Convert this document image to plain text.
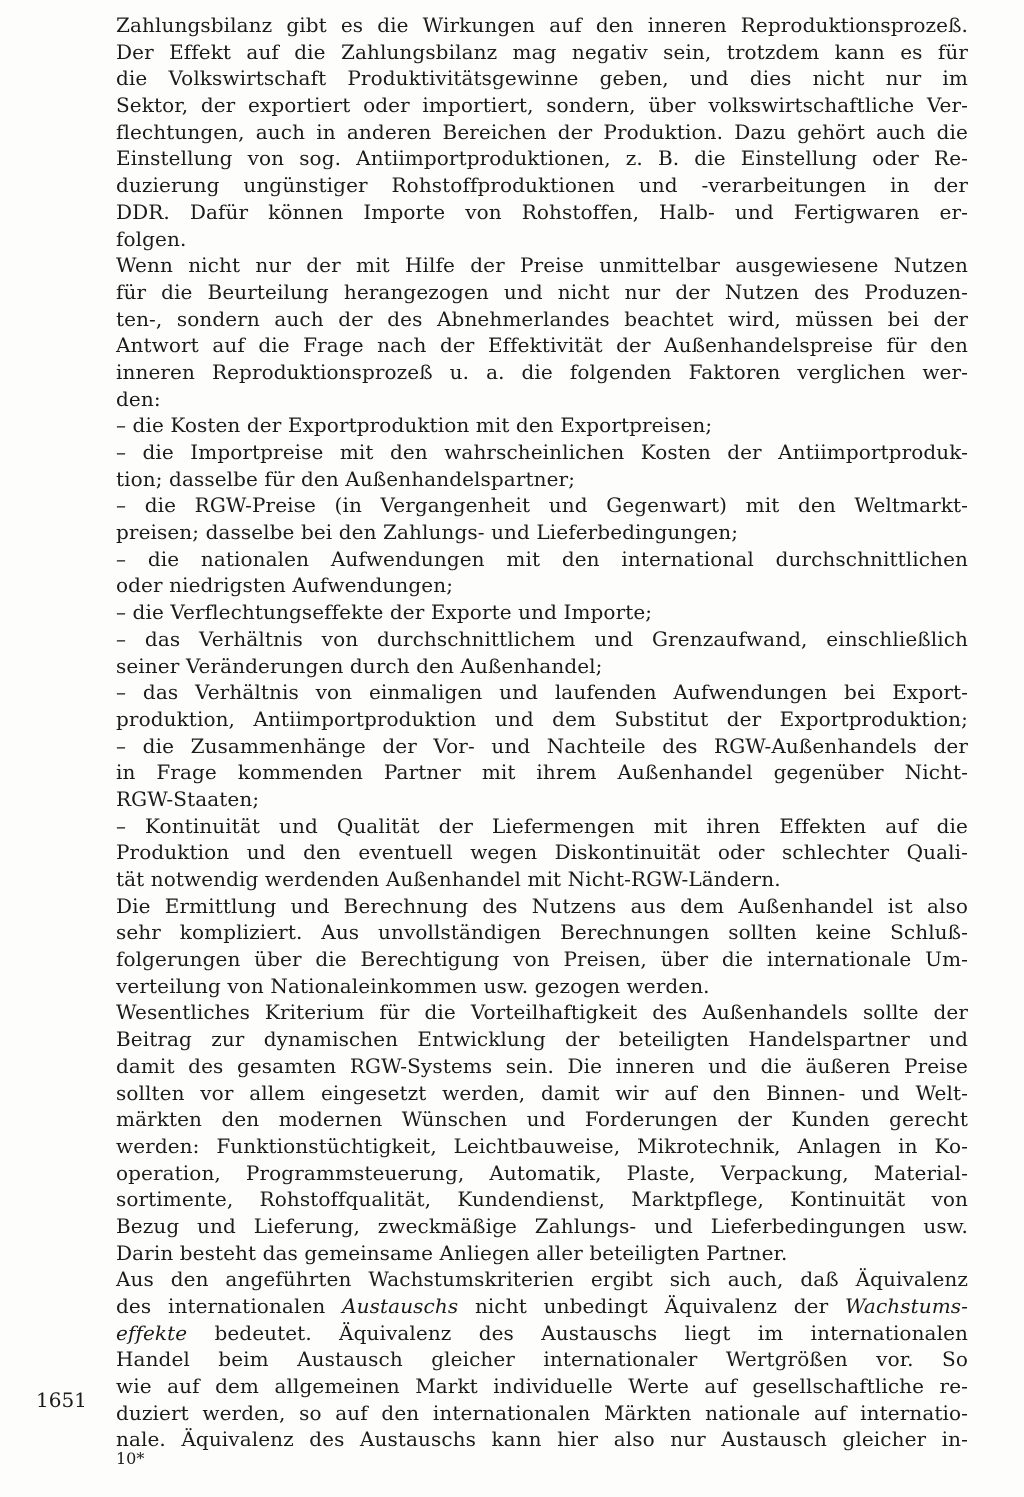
Zahlungsbilanz gibt es die Wirkungen auf den inneren Reproduktionsprozeß.
Der Effekt auf die Zahlungsbilanz mag negativ sein, trotzdem kann es für
die Volkswirtschaft Produktivitätsgewinne geben, und dies nicht nur im
Sektor, der exportiert oder importiert, sondern, über volkswirtschaftliche Ver-
flechtungen, auch in anderen Bereichen der Produktion. Dazu gehört auch die
Einstellung von sog. Antiimportproduktionen, z. B. die Einstellung oder Re-
duzierung ungünstiger Rohstoffproduktionen und -verarbeitungen in der
DDR. Dafür können Importe von Rohstoffen, Halb- und Fertigwaren er-
folgen.
Wenn nicht nur der mit Hilfe der Preise unmittelbar ausgewiesene Nutzen
für die Beurteilung herangezogen und nicht nur der Nutzen des Produzen-
ten-, sondern auch der des Abnehmerlandes beachtet wird, müssen bei der
Antwort auf die Frage nach der Effektivität der Außenhandelspreise für den
inneren Reproduktionsprozeß u. a. die folgenden Faktoren verglichen wer-
den:
– die Kosten der Exportproduktion mit den Exportpreisen;
– die Importpreise mit den wahrscheinlichen Kosten der Antiimportproduk-
tion; dasselbe für den Außenhandelspartner;
– die RGW-Preise (in Vergangenheit und Gegenwart) mit den Weltmarkt-
preisen; dasselbe bei den Zahlungs- und Lieferbedingungen;
– die nationalen Aufwendungen mit den international durchschnittlichen
oder niedrigsten Aufwendungen;
– die Verflechtungseffekte der Exporte und Importe;
– das Verhältnis von durchschnittlichem und Grenzaufwand, einschließlich
seiner Veränderungen durch den Außenhandel;
– das Verhältnis von einmaligen und laufenden Aufwendungen bei Export-
produktion, Antiimportproduktion und dem Substitut der Exportproduktion;
– die Zusammenhänge der Vor- und Nachteile des RGW-Außenhandels der
in Frage kommenden Partner mit ihrem Außenhandel gegenüber Nicht-
RGW-Staaten;
– Kontinuität und Qualität der Liefermengen mit ihren Effekten auf die
Produktion und den eventuell wegen Diskontinuität oder schlechter Quali-
tät notwendig werdenden Außenhandel mit Nicht-RGW-Ländern.
Die Ermittlung und Berechnung des Nutzens aus dem Außenhandel ist also
sehr kompliziert. Aus unvollständigen Berechnungen sollten keine Schluß-
folgerungen über die Berechtigung von Preisen, über die internationale Um-
verteilung von Nationaleinkommen usw. gezogen werden.
Wesentliches Kriterium für die Vorteilhaftigkeit des Außenhandels sollte der
Beitrag zur dynamischen Entwicklung der beteiligten Handelspartner und
damit des gesamten RGW-Systems sein. Die inneren und die äußeren Preise
sollten vor allem eingesetzt werden, damit wir auf den Binnen- und Welt-
märkten den modernen Wünschen und Forderungen der Kunden gerecht
werden: Funktionstüchtigkeit, Leichtbauweise, Mikrotechnik, Anlagen in Ko-
operation, Programmsteuerung, Automatik, Plaste, Verpackung, Material-
sortimente, Rohstoffqualität, Kundendienst, Marktpflege, Kontinuität von
Bezug und Lieferung, zweckmäßige Zahlungs- und Lieferbedingungen usw.
Darin besteht das gemeinsame Anliegen aller beteiligten Partner.
Aus den angeführten Wachstumskriterien ergibt sich auch, daß Äquivalenz
des internationalen Austauschs nicht unbedingt Äquivalenz der Wachstums-
effekte bedeutet. Äquivalenz des Austauschs liegt im internationalen
Handel beim Austausch gleicher internationaler Wertgrößen vor. So
wie auf dem allgemeinen Markt individuelle Werte auf gesellschaftliche re-
duziert werden, so auf den internationalen Märkten nationale auf internatio-
nale. Äquivalenz des Austauschs kann hier also nur Austausch gleicher in-
1651
10*
